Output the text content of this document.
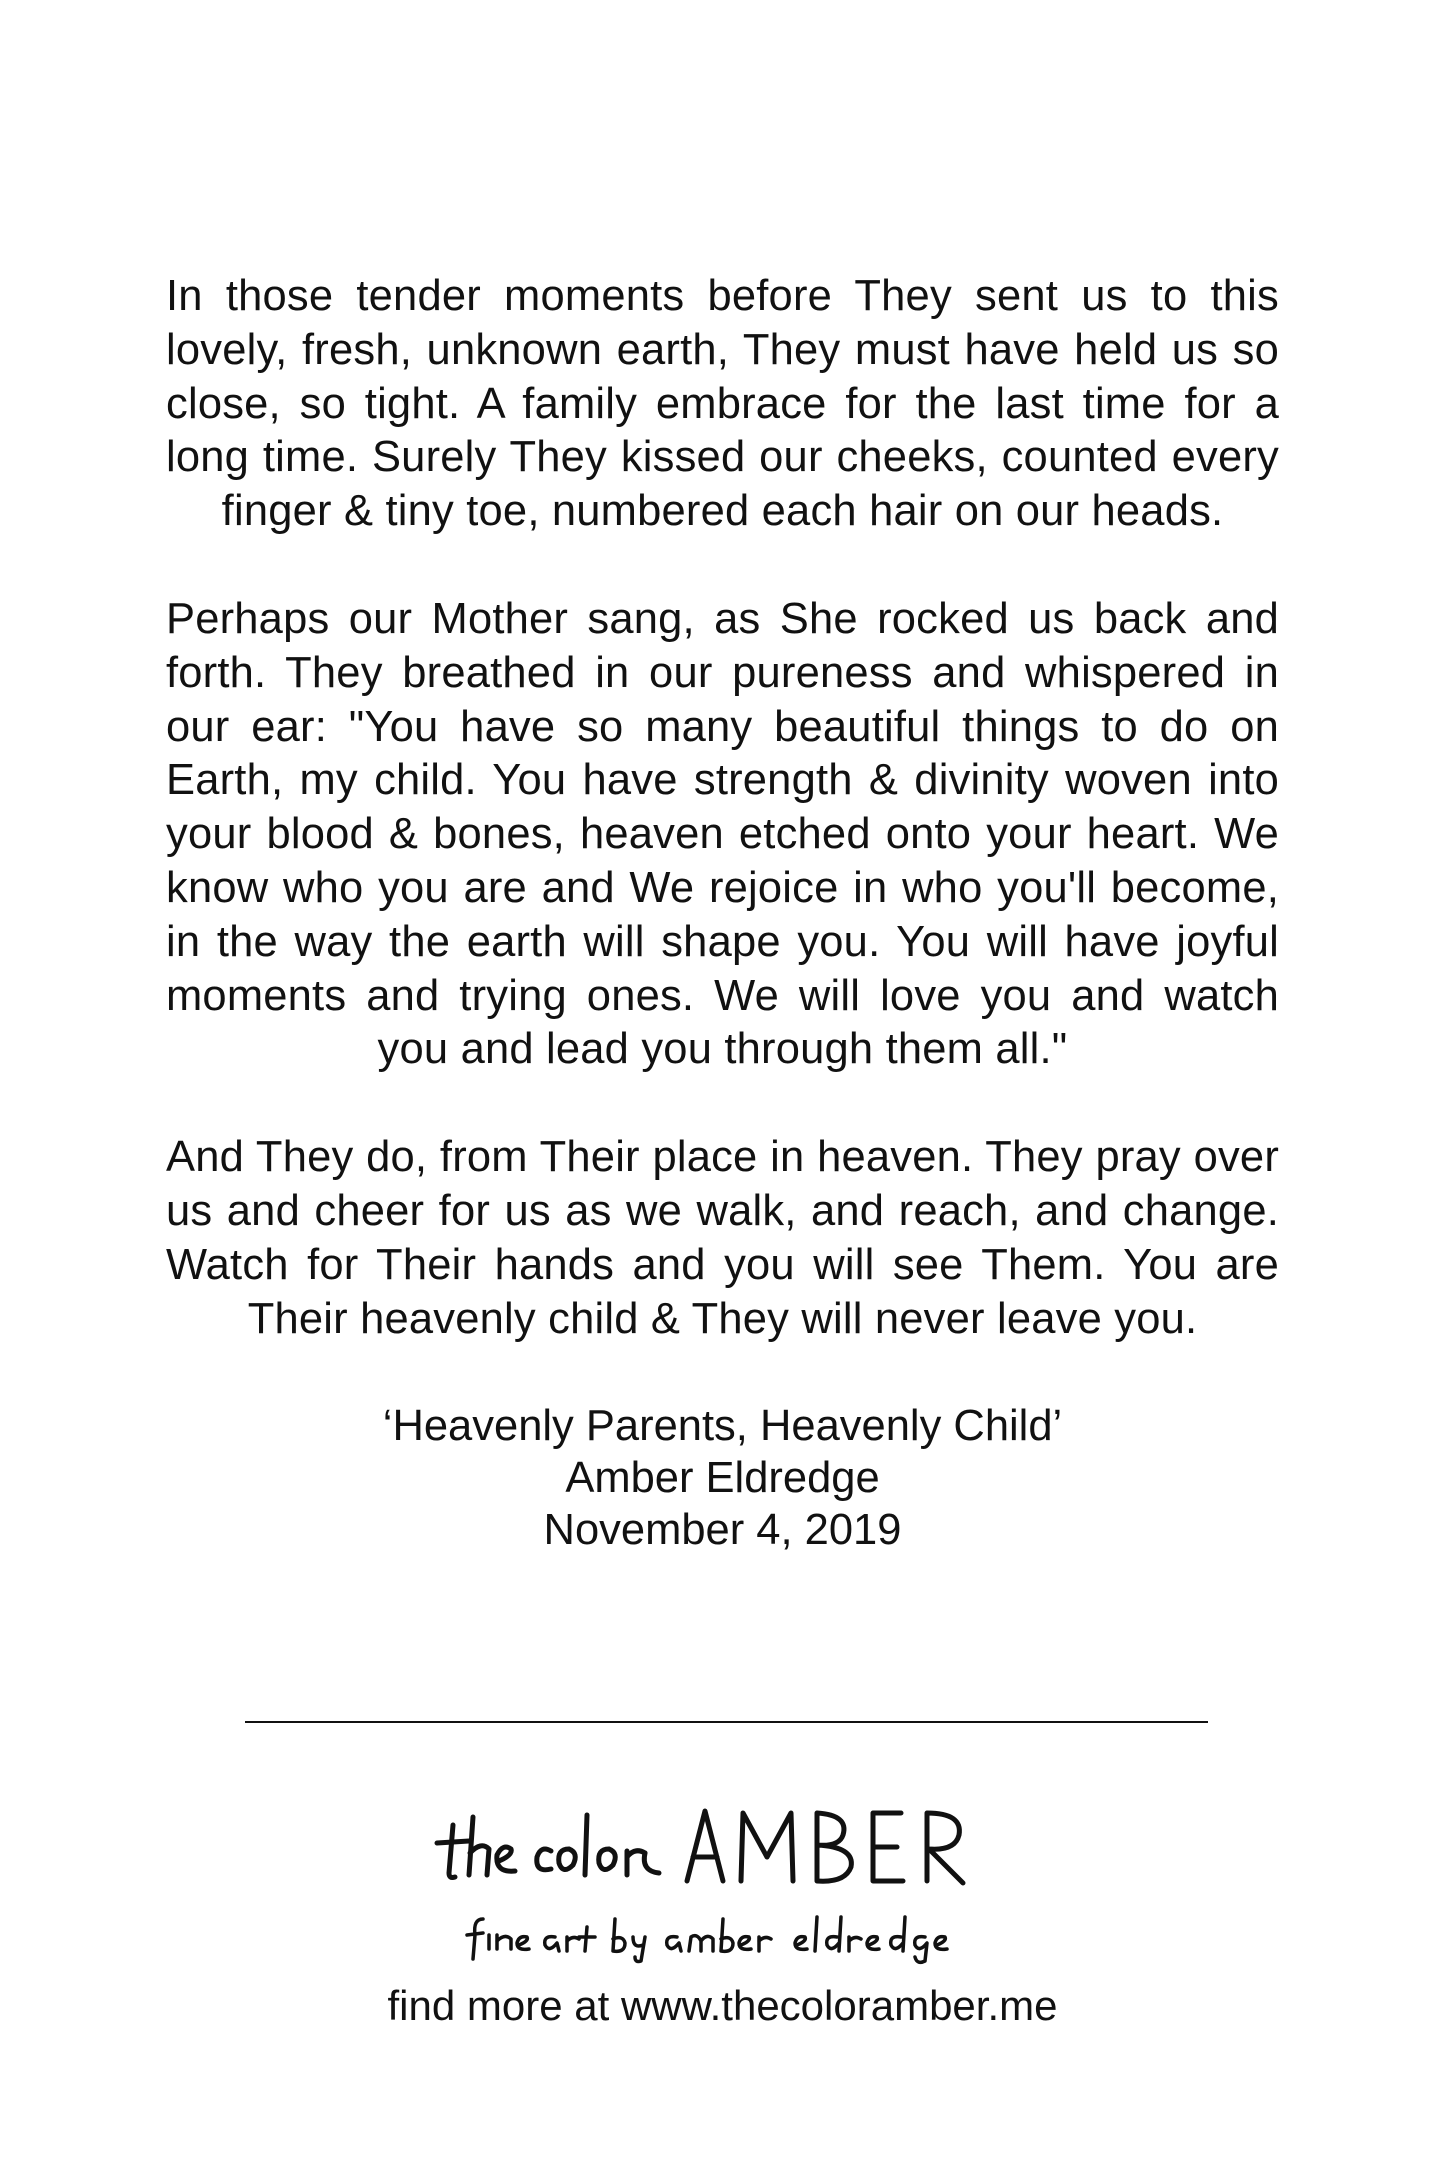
In those tender moments before They sent us to this lovely, fresh, unknown earth, They must have held us so close, so tight. A family embrace for the last time for a long time. Surely They kissed our cheeks, counted every finger & tiny toe, numbered each hair on our heads.

Perhaps our Mother sang, as She rocked us back and forth. They breathed in our pureness and whispered in our ear: "You have so many beautiful things to do on Earth, my child. You have strength & divinity woven into your blood & bones, heaven etched onto your heart. We know who you are and We rejoice in who you'll become, in the way the earth will shape you. You will have joyful moments and trying ones. We will love you and watch you and lead you through them all."

And They do, from Their place in heaven. They pray over us and cheer for us as we walk, and reach, and change. Watch for Their hands and you will see Them. You are Their heavenly child & They will never leave you.

‘Heavenly Parents, Heavenly Child’
Amber Eldredge
November 4, 2019
find more at www.thecoloramber.me
